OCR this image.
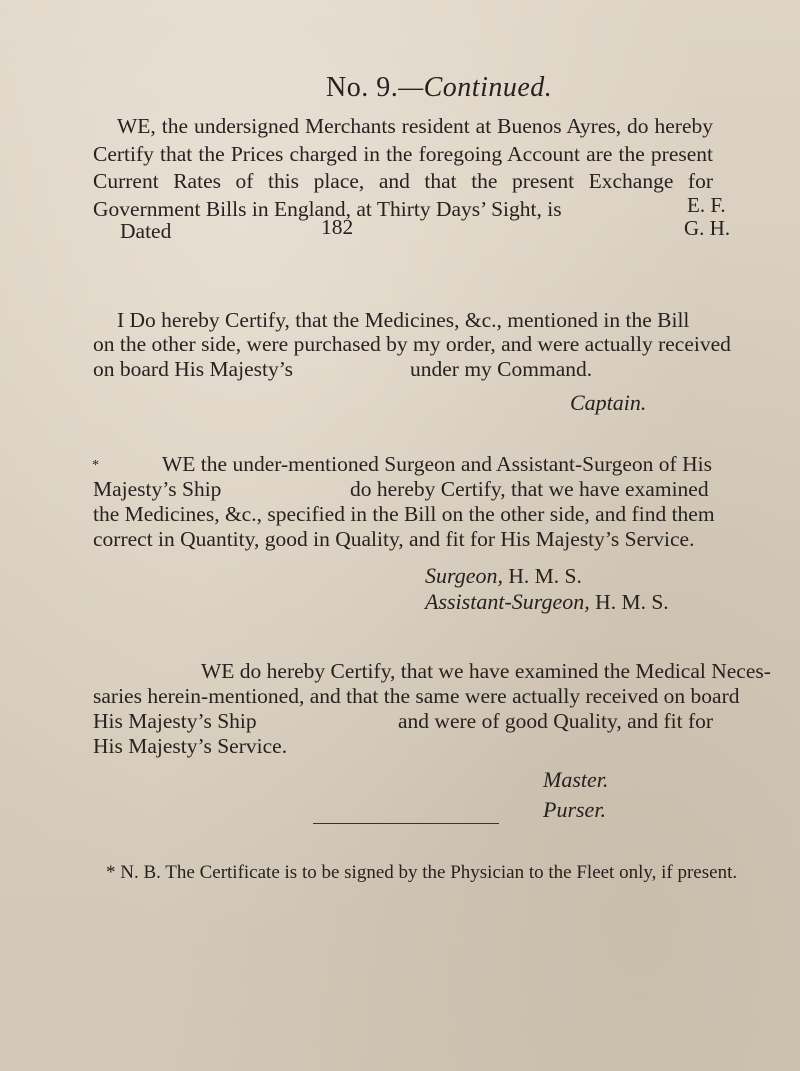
No. 9.—Continued.
WE, the undersigned Merchants resident at Buenos Ayres, do hereby Certify that the Prices charged in the foregoing Account are the present Current Rates of this place, and that the present Exchange for Government Bills in England, at Thirty Days’ Sight, is	E. F.
Dated	182	G. H.
I Do hereby Certify, that the Medicines, &c., mentioned in the Bill
on the other side, were purchased by my order, and were actually received
on board His Majesty’s	under my Command.
Captain.
*	WE the under-mentioned Surgeon and Assistant-Surgeon of His
Majesty’s Ship	do hereby Certify, that we have examined
the Medicines, &c., specified in the Bill on the other side, and find them
correct in Quantity, good in Quality, and fit for His Majesty’s Service.
Surgeon, H. M. S.
Assistant-Surgeon, H. M. S.
WE do hereby Certify, that we have examined the Medical Neces-
saries herein-mentioned, and that the same were actually received on board
His Majesty’s Ship	and were of good Quality, and fit for
His Majesty’s Service.
Master.
Purser.
* N. B. The Certificate is to be signed by the Physician to the Fleet only, if present.
